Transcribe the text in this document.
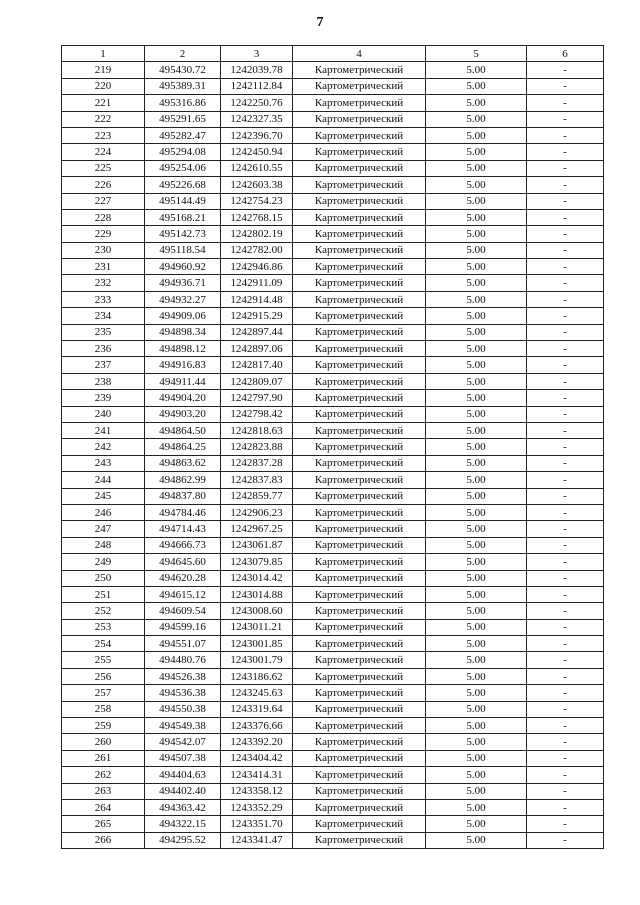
7
1	2	3	4	5	6
219	495430.72	1242039.78	Картометрический	5.00	-
220	495389.31	1242112.84	Картометрический	5.00	-
221	495316.86	1242250.76	Картометрический	5.00	-
222	495291.65	1242327.35	Картометрический	5.00	-
223	495282.47	1242396.70	Картометрический	5.00	-
224	495294.08	1242450.94	Картометрический	5.00	-
225	495254.06	1242610.55	Картометрический	5.00	-
226	495226.68	1242603.38	Картометрический	5.00	-
227	495144.49	1242754.23	Картометрический	5.00	-
228	495168.21	1242768.15	Картометрический	5.00	-
229	495142.73	1242802.19	Картометрический	5.00	-
230	495118.54	1242782.00	Картометрический	5.00	-
231	494960.92	1242946.86	Картометрический	5.00	-
232	494936.71	1242911.09	Картометрический	5.00	-
233	494932.27	1242914.48	Картометрический	5.00	-
234	494909.06	1242915.29	Картометрический	5.00	-
235	494898.34	1242897.44	Картометрический	5.00	-
236	494898.12	1242897.06	Картометрический	5.00	-
237	494916.83	1242817.40	Картометрический	5.00	-
238	494911.44	1242809.07	Картометрический	5.00	-
239	494904.20	1242797.90	Картометрический	5.00	-
240	494903.20	1242798.42	Картометрический	5.00	-
241	494864.50	1242818.63	Картометрический	5.00	-
242	494864.25	1242823.88	Картометрический	5.00	-
243	494863.62	1242837.28	Картометрический	5.00	-
244	494862.99	1242837.83	Картометрический	5.00	-
245	494837.80	1242859.77	Картометрический	5.00	-
246	494784.46	1242906.23	Картометрический	5.00	-
247	494714.43	1242967.25	Картометрический	5.00	-
248	494666.73	1243061.87	Картометрический	5.00	-
249	494645.60	1243079.85	Картометрический	5.00	-
250	494620.28	1243014.42	Картометрический	5.00	-
251	494615.12	1243014.88	Картометрический	5.00	-
252	494609.54	1243008.60	Картометрический	5.00	-
253	494599.16	1243011.21	Картометрический	5.00	-
254	494551.07	1243001.85	Картометрический	5.00	-
255	494480.76	1243001.79	Картометрический	5.00	-
256	494526.38	1243186.62	Картометрический	5.00	-
257	494536.38	1243245.63	Картометрический	5.00	-
258	494550.38	1243319.64	Картометрический	5.00	-
259	494549.38	1243376.66	Картометрический	5.00	-
260	494542.07	1243392.20	Картометрический	5.00	-
261	494507.38	1243404.42	Картометрический	5.00	-
262	494404.63	1243414.31	Картометрический	5.00	-
263	494402.40	1243358.12	Картометрический	5.00	-
264	494363.42	1243352.29	Картометрический	5.00	-
265	494322.15	1243351.70	Картометрический	5.00	-
266	494295.52	1243341.47	Картометрический	5.00	-
